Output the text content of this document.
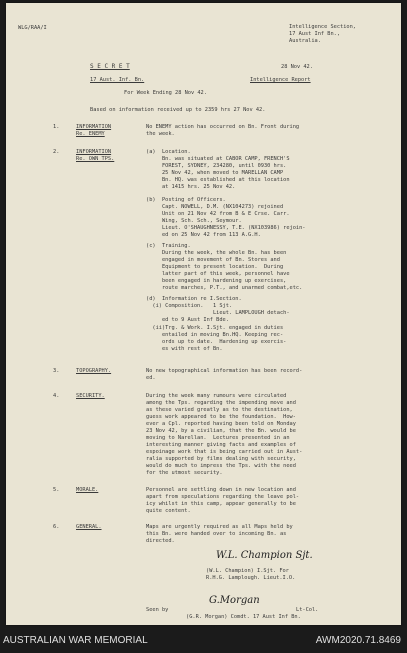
WLG/RAA/I	Intelligence Section,
17 Aust Inf Bn.,
Australia.
S E C R E T	28 Nov 42.
17 Aust. Inf. Bn.	Intelligence Report
For Week Ending 28 Nov 42.
Based on information received up to 2359 hrs 27 Nov 42.
1.	INFORMATION
Re. ENEMY
No ENEMY action has occurred on Bn. Front during
the week.
2.	INFORMATION
Re. OWN TPS.
(a)  Location.
Bn. was situated at CABOR CAMP, FRENCH'S
FOREST, SYDNEY, 234280, until 0930 hrs.
25 Nov 42, when moved to MARELLAN CAMP
Bn. HQ. was established at this location
at 1415 hrs. 25 Nov 42.
(b)  Posting of Officers.
Capt. NOWELL, D.M. (NX104273) rejoined
Unit on 21 Nov 42 from B & E Crse. Carr.
Wing, Sch. Sch., Seymour.
Lieut. O'SHAUGHNESSY, T.E. (NX103986) rejoin-
ed on 25 Nov 42 from 113 A.G.H.
(c)  Training.
During the week, the whole Bn. has been
engaged in movement of Bn. Stores and
Equipment to present location.  During
latter part of this week, personnel have
been engaged in hardening up exercises,
route marches, P.T., and unarmed combat,etc.
(d)  Information re I.Section.
(i) Composition.   1 Sjt.
Lieut. LAMPLOUGH detach-
ed to 9 Aust Inf Bde.
(ii)Trg. & Work. I.Sjt. engaged in duties
entailed in moving Bn.HQ. Keeping rec-
ords up to date.  Hardening up exercis-
es with rest of Bn.
3.	TOPOGRAPHY.	No new topographical information has been record-
ed.
4.	SECURITY.	During the week many rumours were circulated
among the Tps. regarding the impending move and
as these varied greatly as to the destination,
guess work appeared to be the foundation.  How-
ever a Cpl. reported having been told on Monday
23 Nov 42, by a civilian, that the Bn. would be
moving to Narellan.  Lectures presented in an
interesting manner giving facts and examples of
espoinage work that is being carried out in Aust-
ralia supported by films dealing with security,
would do much to impress the Tps. with the need
for the utmost security.
5.	MORALE.	Personnel are settling down in new location and
apart from speculations regarding the leave pol-
icy whilst in this camp, appear generally to be
quite content.
6.	GENERAL.	Maps are urgently required as all Maps held by
this Bn. were handed over to incoming Bn. as
directed.
W.L. Champion Sjt.
(W.L. Champion) I.Sjt. For
R.H.G. Lamplough. Lieut.I.O.
Seen by
G.Morgan
Lt-Col.
(G.R. Morgan) Comdt. 17 Aust Inf Bn.
AUSTRALIAN WAR MEMORIAL	AWM2020.71.8469
